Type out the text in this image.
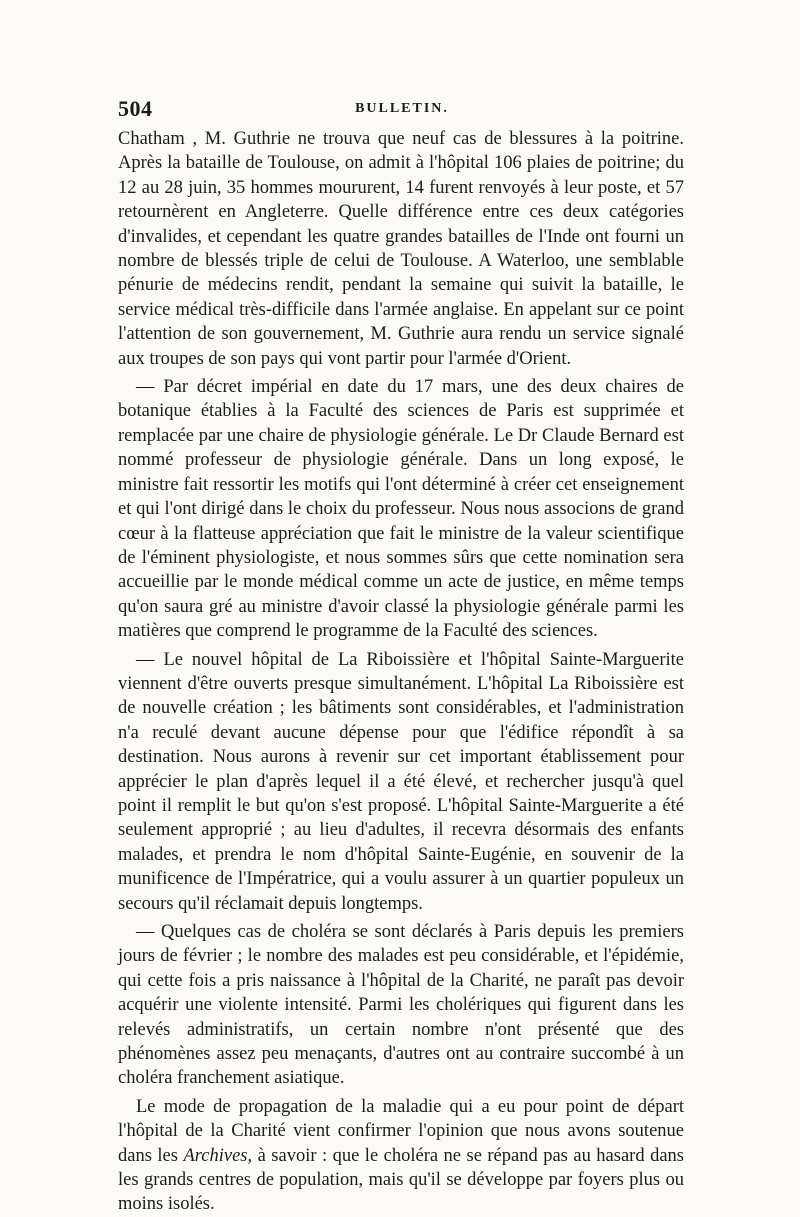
504	BULLETIN.

Chatham , M. Guthrie ne trouva que neuf cas de blessures à la poitrine. Après la bataille de Toulouse, on admit à l'hôpital 106 plaies de poitrine; du 12 au 28 juin, 35 hommes moururent, 14 furent renvoyés à leur poste, et 57 retournèrent en Angleterre. Quelle différence entre ces deux catégories d'invalides, et cependant les quatre grandes batailles de l'Inde ont fourni un nombre de blessés triple de celui de Toulouse. A Waterloo, une semblable pénurie de médecins rendit, pendant la semaine qui suivit la bataille, le service médical très-difficile dans l'armée anglaise. En appelant sur ce point l'attention de son gouvernement, M. Guthrie aura rendu un service signalé aux troupes de son pays qui vont partir pour l'armée d'Orient.

— Par décret impérial en date du 17 mars, une des deux chaires de botanique établies à la Faculté des sciences de Paris est supprimée et remplacée par une chaire de physiologie générale. Le Dr Claude Bernard est nommé professeur de physiologie générale. Dans un long exposé, le ministre fait ressortir les motifs qui l'ont déterminé à créer cet enseignement et qui l'ont dirigé dans le choix du professeur. Nous nous associons de grand cœur à la flatteuse appréciation que fait le ministre de la valeur scientifique de l'éminent physiologiste, et nous sommes sûrs que cette nomination sera accueillie par le monde médical comme un acte de justice, en même temps qu'on saura gré au ministre d'avoir classé la physiologie générale parmi les matières que comprend le programme de la Faculté des sciences.

— Le nouvel hôpital de La Riboissière et l'hôpital Sainte-Marguerite viennent d'être ouverts presque simultanément. L'hôpital La Riboissière est de nouvelle création ; les bâtiments sont considérables, et l'administration n'a reculé devant aucune dépense pour que l'édifice répondît à sa destination. Nous aurons à revenir sur cet important établissement pour apprécier le plan d'après lequel il a été élevé, et rechercher jusqu'à quel point il remplit le but qu'on s'est proposé. L'hôpital Sainte-Marguerite a été seulement approprié ; au lieu d'adultes, il recevra désormais des enfants malades, et prendra le nom d'hôpital Sainte-Eugénie, en souvenir de la munificence de l'Impératrice, qui a voulu assurer à un quartier populeux un secours qu'il réclamait depuis longtemps.

— Quelques cas de choléra se sont déclarés à Paris depuis les premiers jours de février ; le nombre des malades est peu considérable, et l'épidémie, qui cette fois a pris naissance à l'hôpital de la Charité, ne paraît pas devoir acquérir une violente intensité. Parmi les cholériques qui figurent dans les relevés administratifs, un certain nombre n'ont présenté que des phénomènes assez peu menaçants, d'autres ont au contraire succombé à un choléra franchement asiatique.

Le mode de propagation de la maladie qui a eu pour point de départ l'hôpital de la Charité vient confirmer l'opinion que nous avons soutenue dans les Archives, à savoir : que le choléra ne se répand pas au hasard dans les grands centres de population, mais qu'il se développe par foyers plus ou moins isolés.
